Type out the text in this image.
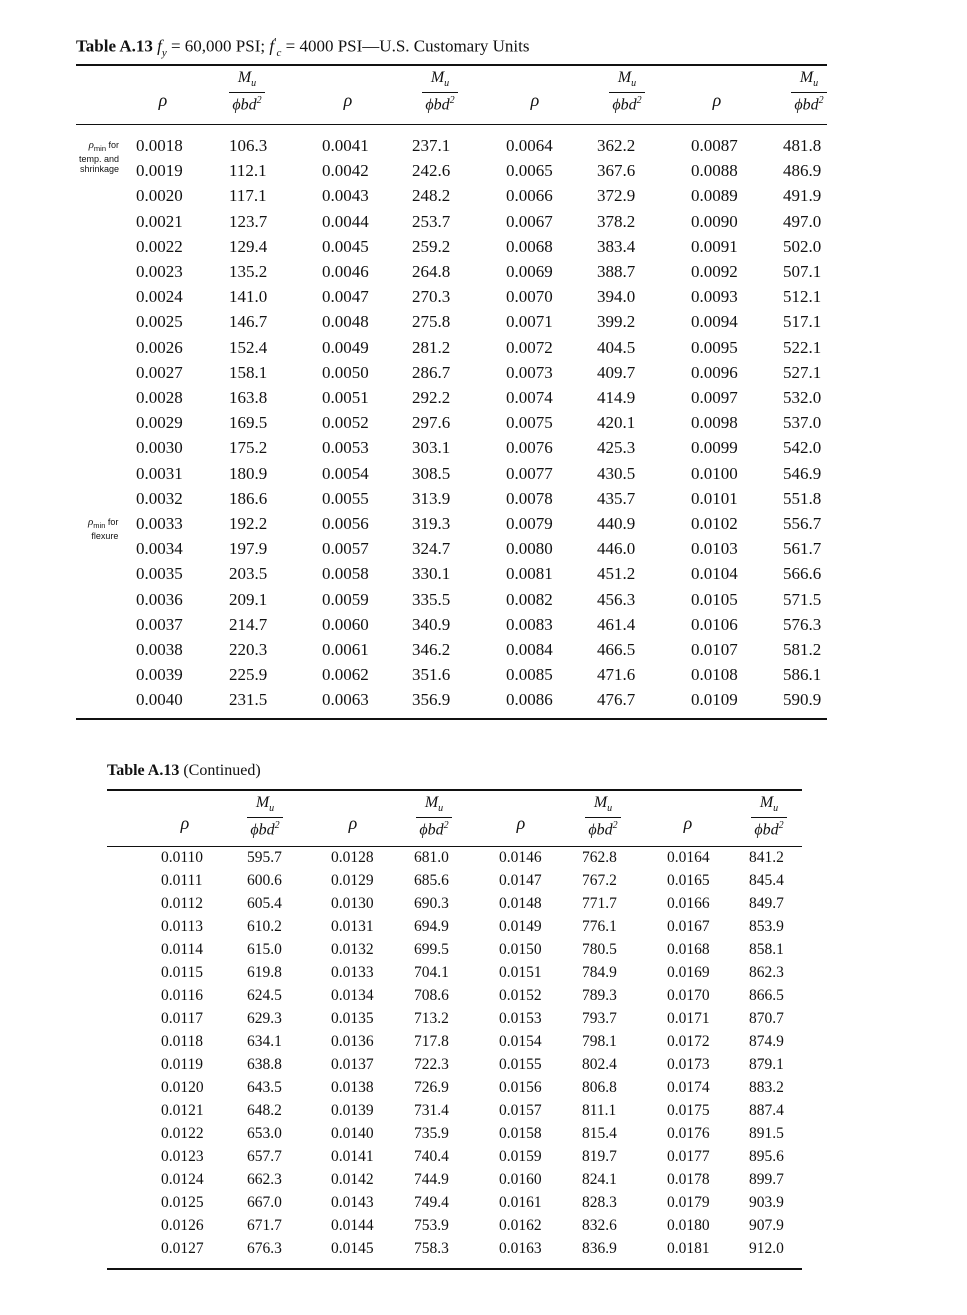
Table A.13 $f_y = 60,000$ PSI; $f'_c = 4000$ PSI—U.S. Customary Units
ρ	$\frac{M_u}{\phi bd^2}$	ρ	$\frac{M_u}{\phi bd^2}$	ρ	$\frac{M_u}{\phi bd^2}$	ρ	$\frac{M_u}{\phi bd^2}$
0.0018	106.3	0.0041	237.1	0.0064	362.2	0.0087	481.8
0.0019	112.1	0.0042	242.6	0.0065	367.6	0.0088	486.9
0.0020	117.1	0.0043	248.2	0.0066	372.9	0.0089	491.9
0.0021	123.7	0.0044	253.7	0.0067	378.2	0.0090	497.0
0.0022	129.4	0.0045	259.2	0.0068	383.4	0.0091	502.0
0.0023	135.2	0.0046	264.8	0.0069	388.7	0.0092	507.1
0.0024	141.0	0.0047	270.3	0.0070	394.0	0.0093	512.1
0.0025	146.7	0.0048	275.8	0.0071	399.2	0.0094	517.1
0.0026	152.4	0.0049	281.2	0.0072	404.5	0.0095	522.1
0.0027	158.1	0.0050	286.7	0.0073	409.7	0.0096	527.1
0.0028	163.8	0.0051	292.2	0.0074	414.9	0.0097	532.0
0.0029	169.5	0.0052	297.6	0.0075	420.1	0.0098	537.0
0.0030	175.2	0.0053	303.1	0.0076	425.3	0.0099	542.0
0.0031	180.9	0.0054	308.5	0.0077	430.5	0.0100	546.9
0.0032	186.6	0.0055	313.9	0.0078	435.7	0.0101	551.8
0.0033	192.2	0.0056	319.3	0.0079	440.9	0.0102	556.7
0.0034	197.9	0.0057	324.7	0.0080	446.0	0.0103	561.7
0.0035	203.5	0.0058	330.1	0.0081	451.2	0.0104	566.6
0.0036	209.1	0.0059	335.5	0.0082	456.3	0.0105	571.5
0.0037	214.7	0.0060	340.9	0.0083	461.4	0.0106	576.3
0.0038	220.3	0.0061	346.2	0.0084	466.5	0.0107	581.2
0.0039	225.9	0.0062	351.6	0.0085	471.6	0.0108	586.1
0.0040	231.5	0.0063	356.9	0.0086	476.7	0.0109	590.9
$\rho_{min}$ for
temp. and
shrinkage
$\rho_{min}$ for
flexure
Table A.13 (Continued)
ρ	$\frac{M_u}{\phi bd^2}$	ρ	$\frac{M_u}{\phi bd^2}$	ρ	$\frac{M_u}{\phi bd^2}$	ρ	$\frac{M_u}{\phi bd^2}$
0.0110	595.7	0.0128	681.0	0.0146	762.8	0.0164	841.2
0.0111	600.6	0.0129	685.6	0.0147	767.2	0.0165	845.4
0.0112	605.4	0.0130	690.3	0.0148	771.7	0.0166	849.7
0.0113	610.2	0.0131	694.9	0.0149	776.1	0.0167	853.9
0.0114	615.0	0.0132	699.5	0.0150	780.5	0.0168	858.1
0.0115	619.8	0.0133	704.1	0.0151	784.9	0.0169	862.3
0.0116	624.5	0.0134	708.6	0.0152	789.3	0.0170	866.5
0.0117	629.3	0.0135	713.2	0.0153	793.7	0.0171	870.7
0.0118	634.1	0.0136	717.8	0.0154	798.1	0.0172	874.9
0.0119	638.8	0.0137	722.3	0.0155	802.4	0.0173	879.1
0.0120	643.5	0.0138	726.9	0.0156	806.8	0.0174	883.2
0.0121	648.2	0.0139	731.4	0.0157	811.1	0.0175	887.4
0.0122	653.0	0.0140	735.9	0.0158	815.4	0.0176	891.5
0.0123	657.7	0.0141	740.4	0.0159	819.7	0.0177	895.6
0.0124	662.3	0.0142	744.9	0.0160	824.1	0.0178	899.7
0.0125	667.0	0.0143	749.4	0.0161	828.3	0.0179	903.9
0.0126	671.7	0.0144	753.9	0.0162	832.6	0.0180	907.9
0.0127	676.3	0.0145	758.3	0.0163	836.9	0.0181	912.0
